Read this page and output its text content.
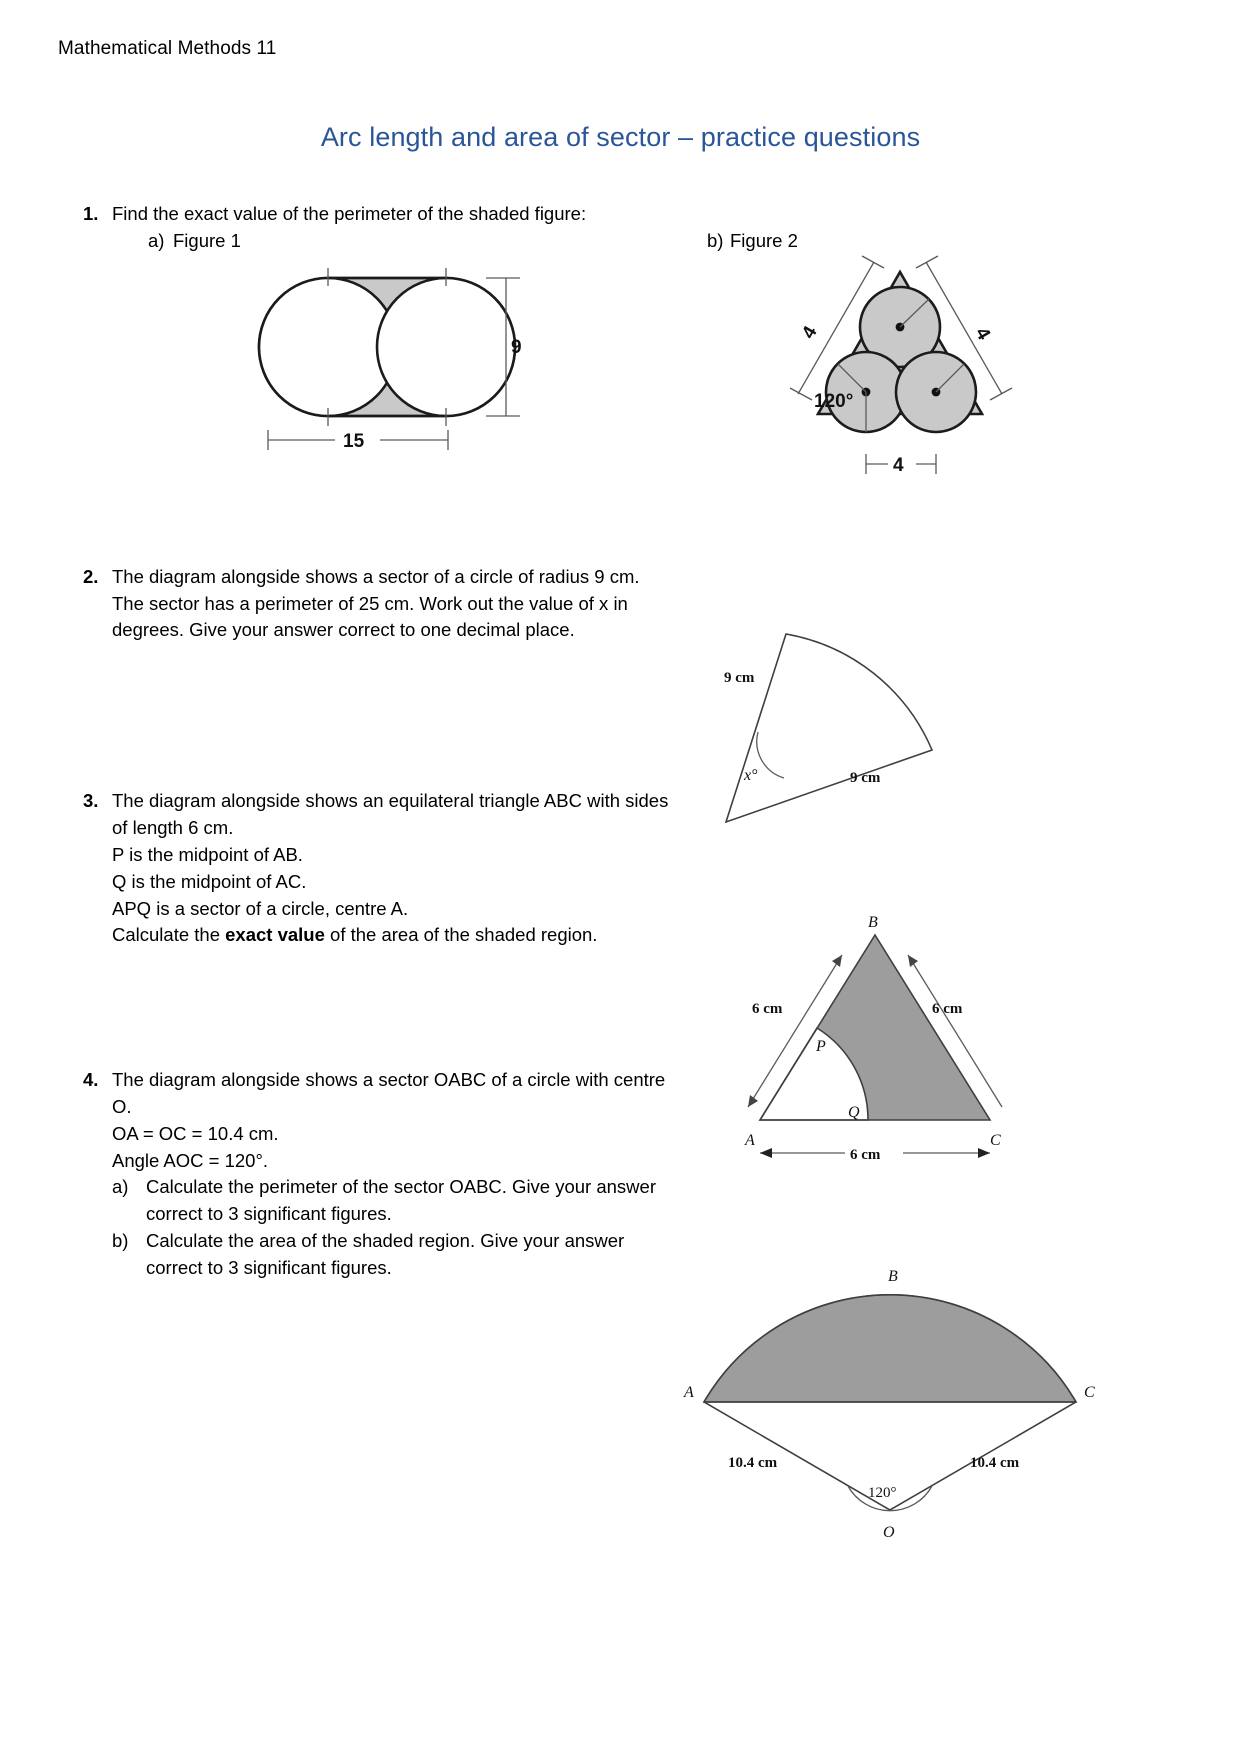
Mathematical Methods 11
Arc length and area of sector – practice questions
1. Find the exact value of the perimeter of the shaded figure:
a) Figure 1	b) Figure 2
9
15
4	4
4
120°
2. The diagram alongside shows a sector of a circle of radius 9 cm. The sector has a perimeter of 25 cm. Work out the value of x in degrees. Give your answer correct to one decimal place.
x°
9 cm
9 cm
3. The diagram alongside shows an equilateral triangle ABC with sides of length 6 cm.
P is the midpoint of AB.
Q is the midpoint of AC.
APQ is a sector of a circle, centre A.
Calculate the exact value of the area of the shaded region.
B
A	C
P
Q
6 cm	6 cm
6 cm
4. The diagram alongside shows a sector OABC of a circle with centre O.
OA = OC = 10.4 cm.
Angle AOC = 120°.
a) Calculate the perimeter of the sector OABC. Give your answer correct to 3 significant figures.
b) Calculate the area of the shaded region. Give your answer correct to 3 significant figures.
120°
B
A	C
O
10.4 cm	10.4 cm
